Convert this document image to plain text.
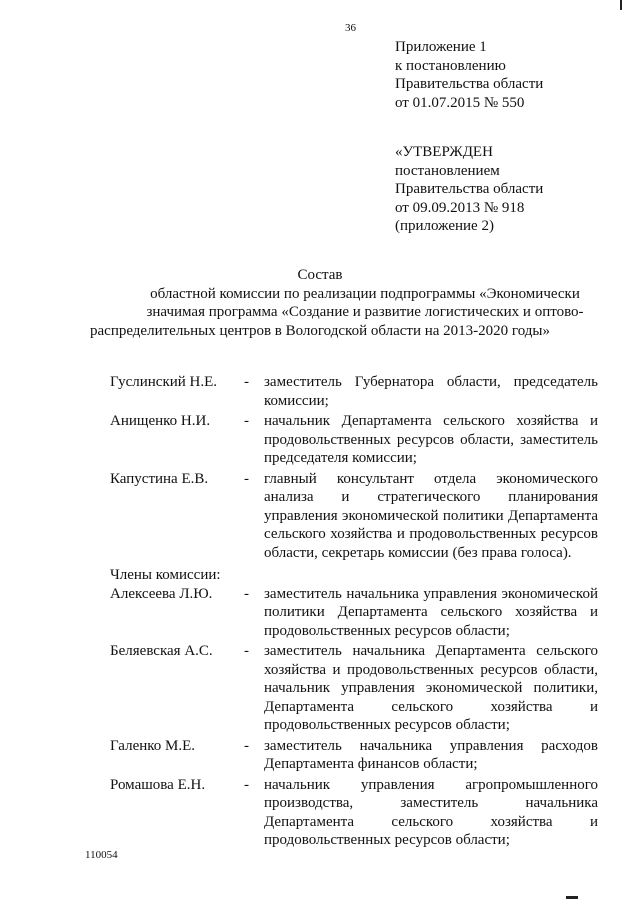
36
Приложение 1
к постановлению
Правительства области
от 01.07.2015 № 550
«УТВЕРЖДЕН
постановлением
Правительства области
от 09.09.2013 № 918
(приложение 2)
Состав
областной комиссии по реализации подпрограммы «Экономически
значимая программа «Создание и развитие логистических и оптово-
распределительных центров в Вологодской области на 2013-2020 годы»
Гуслинский Н.Е.	-	заместитель Губернатора области, председатель комиссии;
Анищенко Н.И.	-	начальник Департамента сельского хозяйства и продовольственных ресурсов области, заместитель председателя комиссии;
Капустина Е.В.	-	главный консультант отдела экономического анализа и стратегического планирования управления экономической политики Департамента сельского хозяйства и продовольственных ресурсов области, секретарь комиссии (без права голоса).
Члены комиссии:
Алексеева Л.Ю.	-	заместитель начальника управления экономической политики Департамента сельского хозяйства и продовольственных ресурсов области;
Беляевская А.С.	-	заместитель начальника Департамента сельского хозяйства и продовольственных ресурсов области, начальник управления экономической политики, Департамента сельского хозяйства и продовольственных ресурсов области;
Галенко М.Е.	-	заместитель начальника управления расходов Департамента финансов области;
Ромашова Е.Н.	-	начальник управления агропромышленного производства, заместитель начальника Департамента сельского хозяйства и продовольственных ресурсов области;
110054
